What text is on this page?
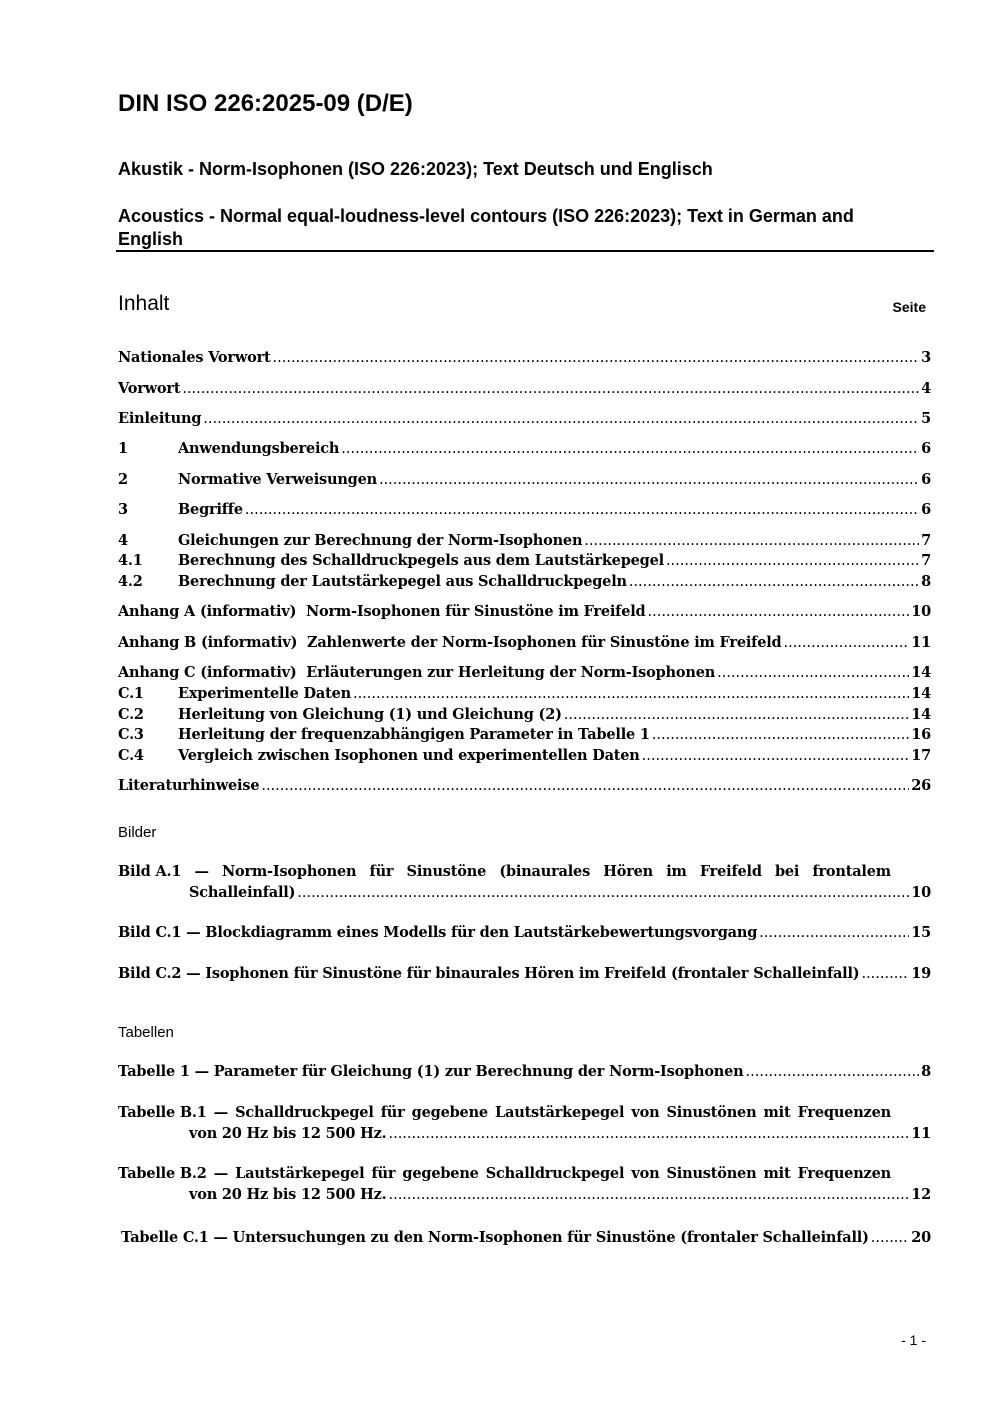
DIN ISO 226:2025-09 (D/E)
Akustik - Norm-Isophonen (ISO 226:2023); Text Deutsch und Englisch
Acoustics - Normal equal-loudness-level contours (ISO 226:2023); Text in German and English
Inhalt	Seite
Nationales Vorwort .....	3
Vorwort .....	4
Einleitung .....	5
1	Anwendungsbereich .....	6
2	Normative Verweisungen .....	6
3	Begriffe .....	6
4	Gleichungen zur Berechnung der Norm-Isophonen .....	7
4.1	Berechnung des Schalldruckpegels aus dem Lautstärkepegel .....	7
4.2	Berechnung der Lautstärkepegel aus Schalldruckpegeln .....	8
Anhang A (informativ)  Norm-Isophonen für Sinustöne im Freifeld .....	10
Anhang B (informativ)  Zahlenwerte der Norm-Isophonen für Sinustöne im Freifeld .....	11
Anhang C (informativ)  Erläuterungen zur Herleitung der Norm-Isophonen .....	14
C.1	Experimentelle Daten .....	14
C.2	Herleitung von Gleichung (1) und Gleichung (2) .....	14
C.3	Herleitung der frequenzabhängigen Parameter in Tabelle 1 .....	16
C.4	Vergleich zwischen Isophonen und experimentellen Daten .....	17
Literaturhinweise .....	26
Bilder
Bild A.1 — Norm-Isophonen für Sinustöne (binaurales Hören im Freifeld bei frontalem
Schalleinfall) .....	10
Bild C.1 — Blockdiagramm eines Modells für den Lautstärkebewertungsvorgang .....	15
Bild C.2 — Isophonen für Sinustöne für binaurales Hören im Freifeld (frontaler Schalleinfall) .....	19
Tabellen
Tabelle 1 — Parameter für Gleichung (1) zur Berechnung der Norm-Isophonen .....	8
Tabelle B.1 — Schalldruckpegel für gegebene Lautstärkepegel von Sinustönen mit Frequenzen
von 20 Hz bis 12 500 Hz. .....	11
Tabelle B.2 — Lautstärkepegel für gegebene Schalldruckpegel von Sinustönen mit Frequenzen
von 20 Hz bis 12 500 Hz. .....	12
Tabelle C.1 — Untersuchungen zu den Norm-Isophonen für Sinustöne (frontaler Schalleinfall) .....	20
- 1 -
